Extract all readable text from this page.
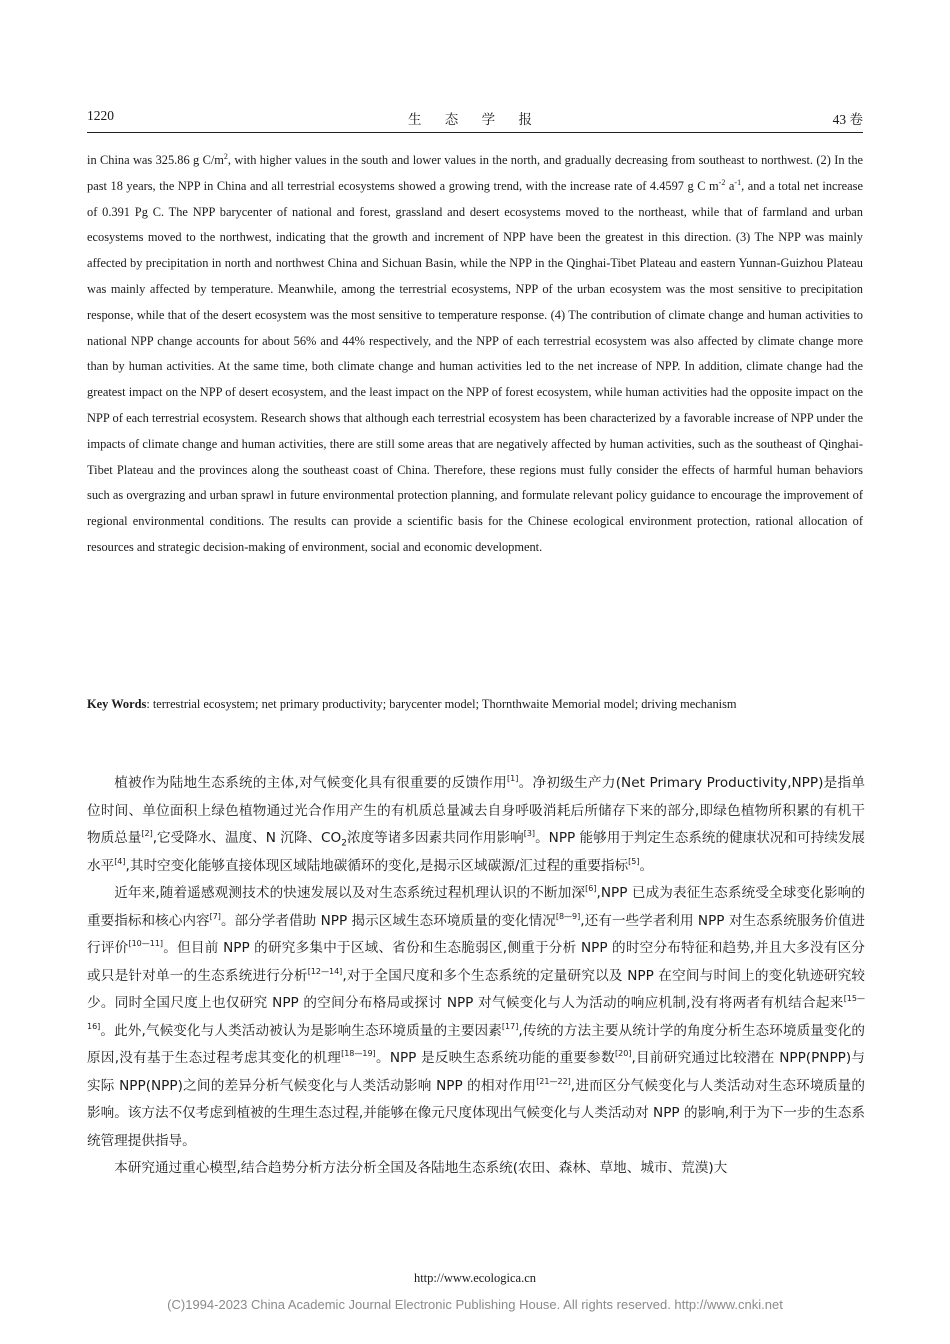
1220	生 态 学 报	43 卷
in China was 325.86 g $C/m^2$, with higher values in the south and lower values in the north, and gradually decreasing from southeast to northwest. (2) In the past 18 years, the NPP in China and all terrestrial ecosystems showed a growing trend, with the increase rate of 4.4597 g C $m^{-2}$ $a^{-1}$, and a total net increase of 0.391 Pg C. The NPP barycenter of national and forest, grassland and desert ecosystems moved to the northeast, while that of farmland and urban ecosystems moved to the northwest, indicating that the growth and increment of NPP have been the greatest in this direction. (3) The NPP was mainly affected by precipitation in north and northwest China and Sichuan Basin, while the NPP in the Qinghai-Tibet Plateau and eastern Yunnan-Guizhou Plateau was mainly affected by temperature. Meanwhile, among the terrestrial ecosystems, NPP of the urban ecosystem was the most sensitive to precipitation response, while that of the desert ecosystem was the most sensitive to temperature response. (4) The contribution of climate change and human activities to national NPP change accounts for about 56% and 44% respectively, and the NPP of each terrestrial ecosystem was also affected by climate change more than by human activities. At the same time, both climate change and human activities led to the net increase of NPP. In addition, climate change had the greatest impact on the NPP of desert ecosystem, and the least impact on the NPP of forest ecosystem, while human activities had the opposite impact on the NPP of each terrestrial ecosystem. Research shows that although each terrestrial ecosystem has been characterized by a favorable increase of NPP under the impacts of climate change and human activities, there are still some areas that are negatively affected by human activities, such as the southeast of Qinghai-Tibet Plateau and the provinces along the southeast coast of China. Therefore, these regions must fully consider the effects of harmful human behaviors such as overgrazing and urban sprawl in future environmental protection planning, and formulate relevant policy guidance to encourage the improvement of regional environmental conditions. The results can provide a scientific basis for the Chinese ecological environment protection, rational allocation of resources and strategic decision-making of environment, social and economic development.
Key Words: terrestrial ecosystem; net primary productivity; barycenter model; Thornthwaite Memorial model; driving mechanism

植被作为陆地生态系统的主体,对气候变化具有很重要的反馈作用[1]。净初级生产力(Net Primary Productivity,NPP)是指单位时间、单位面积上绿色植物通过光合作用产生的有机质总量减去自身呼吸消耗后所储存下来的部分,即绿色植物所积累的有机干物质总量[2],它受降水、温度、N 沉降、$CO_2$浓度等诸多因素共同作用影响[3]。NPP 能够用于判定生态系统的健康状况和可持续发展水平[4],其时空变化能够直接体现区域陆地碳循环的变化,是揭示区域碳源/汇过程的重要指标[5]。

近年来,随着遥感观测技术的快速发展以及对生态系统过程机理认识的不断加深[6],NPP 已成为表征生态系统受全球变化影响的重要指标和核心内容[7]。部分学者借助 NPP 揭示区域生态环境质量的变化情况[8—9],还有一些学者利用 NPP 对生态系统服务价值进行评价[10—11]。但目前 NPP 的研究多集中于区域、省份和生态脆弱区,侧重于分析 NPP 的时空分布特征和趋势,并且大多没有区分或只是针对单一的生态系统进行分析[12—14],对于全国尺度和多个生态系统的定量研究以及 NPP 在空间与时间上的变化轨迹研究较少。同时全国尺度上也仅研究 NPP 的空间分布格局或探讨 NPP 对气候变化与人为活动的响应机制,没有将两者有机结合起来[15—16]。此外,气候变化与人类活动被认为是影响生态环境质量的主要因素[17],传统的方法主要从统计学的角度分析生态环境质量变化的原因,没有基于生态过程考虑其变化的机理[18—19]。NPP 是反映生态系统功能的重要参数[20],目前研究通过比较潜在 NPP(PNPP)与实际 NPP(NPP)之间的差异分析气候变化与人类活动影响 NPP 的相对作用[21—22],进而区分气候变化与人类活动对生态环境质量的影响。该方法不仅考虑到植被的生理生态过程,并能够在像元尺度体现出气候变化与人类活动对 NPP 的影响,利于为下一步的生态系统管理提供指导。

本研究通过重心模型,结合趋势分析方法分析全国及各陆地生态系统(农田、森林、草地、城市、荒漠)大

http://www.ecologica.cn
(C)1994-2023 China Academic Journal Electronic Publishing House. All rights reserved. http://www.cnki.net
